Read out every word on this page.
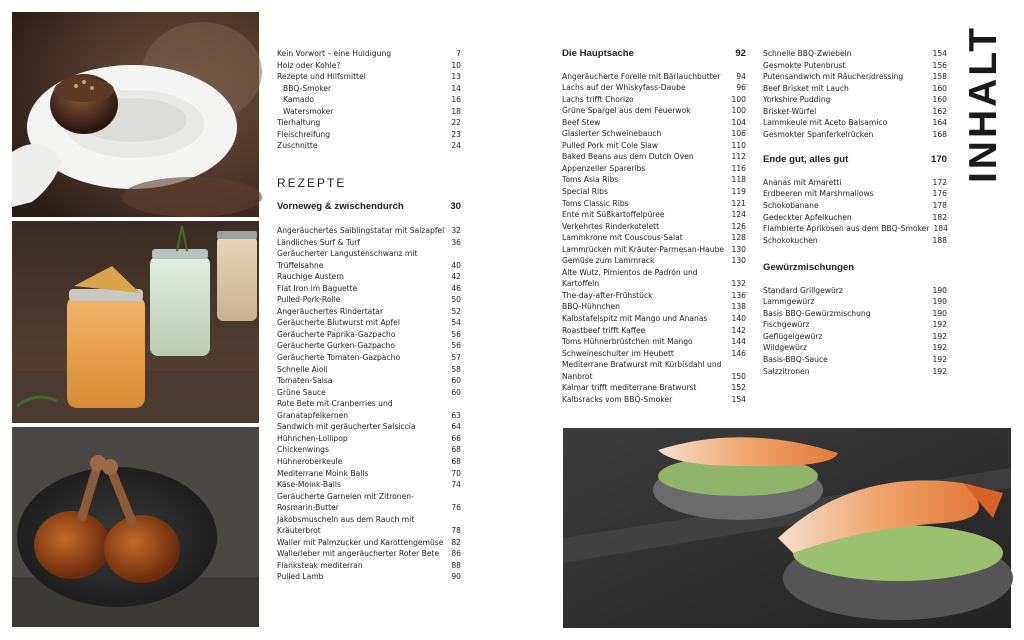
INHALT
Kein Vorwort – eine Huldigung	7
Holz oder Kohle?	10
Rezepte und Hilfsmittel	13
BBQ-Smoker	14
Kamado	16
Watersmoker	18
Tierhaltung	22
Fleischreifung	23
Zuschnitte	24
REZEPTE
Vorneweg & zwischendurch	30
Angeräuchertes Saiblingstatar mit Salzapfel 32
Ländliches Surf & Turf	36
Geräucherter Langustenschwanz mit Trüffelsahne	40
Rauchige Austern	42
Flat Iron im Baguette	46
Pulled-Pork-Rolle	50
Angeräuchertes Rindertatar	52
Geräucherte Blutwurst mit Apfel	54
Geräucherte Paprika-Gazpacho	56
Geräucherte Gurken-Gazpacho	56
Geräucherte Tomaten-Gazpacho	57
Schnelle Aioli	58
Tomaten-Salsa	60
Grüne Sauce	60
Rote Bete mit Cranberries und Granatapfelkernen	63
Sandwich mit geräucherter Salsiccia	64
Hühnchen-Lollipop	66
Chickenwings	68
Hühneroberkeule	68
Mediterrane Moink Balls	70
Käse-Moink-Balls	74
Geräucherte Garnelen mit Zitronen-Rosmarin-Butter	76
Jakobsmuscheln aus dem Rauch mit Kräuterbrot	78
Waller mit Palmzucker und Karottengemüse	82
Wallerleber mit angeräucherter Roter Bete	86
Flanksteak mediterran	88
Pulled Lamb	90
Die Hauptsache	92
Angeräucherte Forelle mit Bärlauchbutter	94
Lachs auf der Whiskyfass-Daube	96
Lachs trifft Chorizo	100
Grüne Spargel aus dem Feuerwok	100
Beef Stew	104
Glasierter Schweinebauch	106
Pulled Pork mit Cole Slaw	110
Baked Beans aus dem Dutch Oven	112
Appenzeller Spareribs	116
Toms Asia Ribs	118
Special Ribs	119
Toms Classic Ribs	121
Ente mit Süßkartoffelpüree	124
Verkehrtes Rinderkotelett	126
Lammkrone mit Couscous-Salat	128
Lammrücken mit Kräuter-Parmesan-Haube 130
Gemüse zum Lammrack	130
Alte Wutz, Pimientos de Padrón und Kartoffeln	132
The-day-after-Frühstück	136
BBQ-Hühnchen	138
Kalbstafelspitz mit Mango und Ananas	140
Roastbeef trifft Kaffee	142
Toms Hühnerbrüstchen mit Mango	144
Schweineschulter im Heubett	146
Mediterrane Bratwurst mit Kürbisdahl und Nanbrot	150
Kalmar trifft mediterrane Bratwurst	152
Kalbsracks vom BBQ-Smoker	154
Schnelle BBQ-Zwiebeln	154
Gesmokte Putenbrust	156
Putensandwich mit Räucheridressing	158
Beef Brisket mit Lauch	160
Yorkshire Pudding	160
Brisket-Würfel	162
Lammkeule mit Aceto Balsamico	164
Gesmokter Spanferkelrücken	168
Ende gut, alles gut	170
Ananas mit Amaretti	172
Erdbeeren mit Marshmallows	176
Schokobanane	178
Gedeckter Apfelkuchen	182
Flambierte Aprikosen aus dem BBQ-Smoker 184
Schokokuchen	188
Gewürzmischungen
Standard Grillgewürz	190
Lammgewürz	190
Basis BBQ-Gewürzmischung	190
Fischgewürz	192
Geflügelgewürz	192
Wildgewürz	192
Basis-BBQ-Sauce	192
Salzzitronen	192
